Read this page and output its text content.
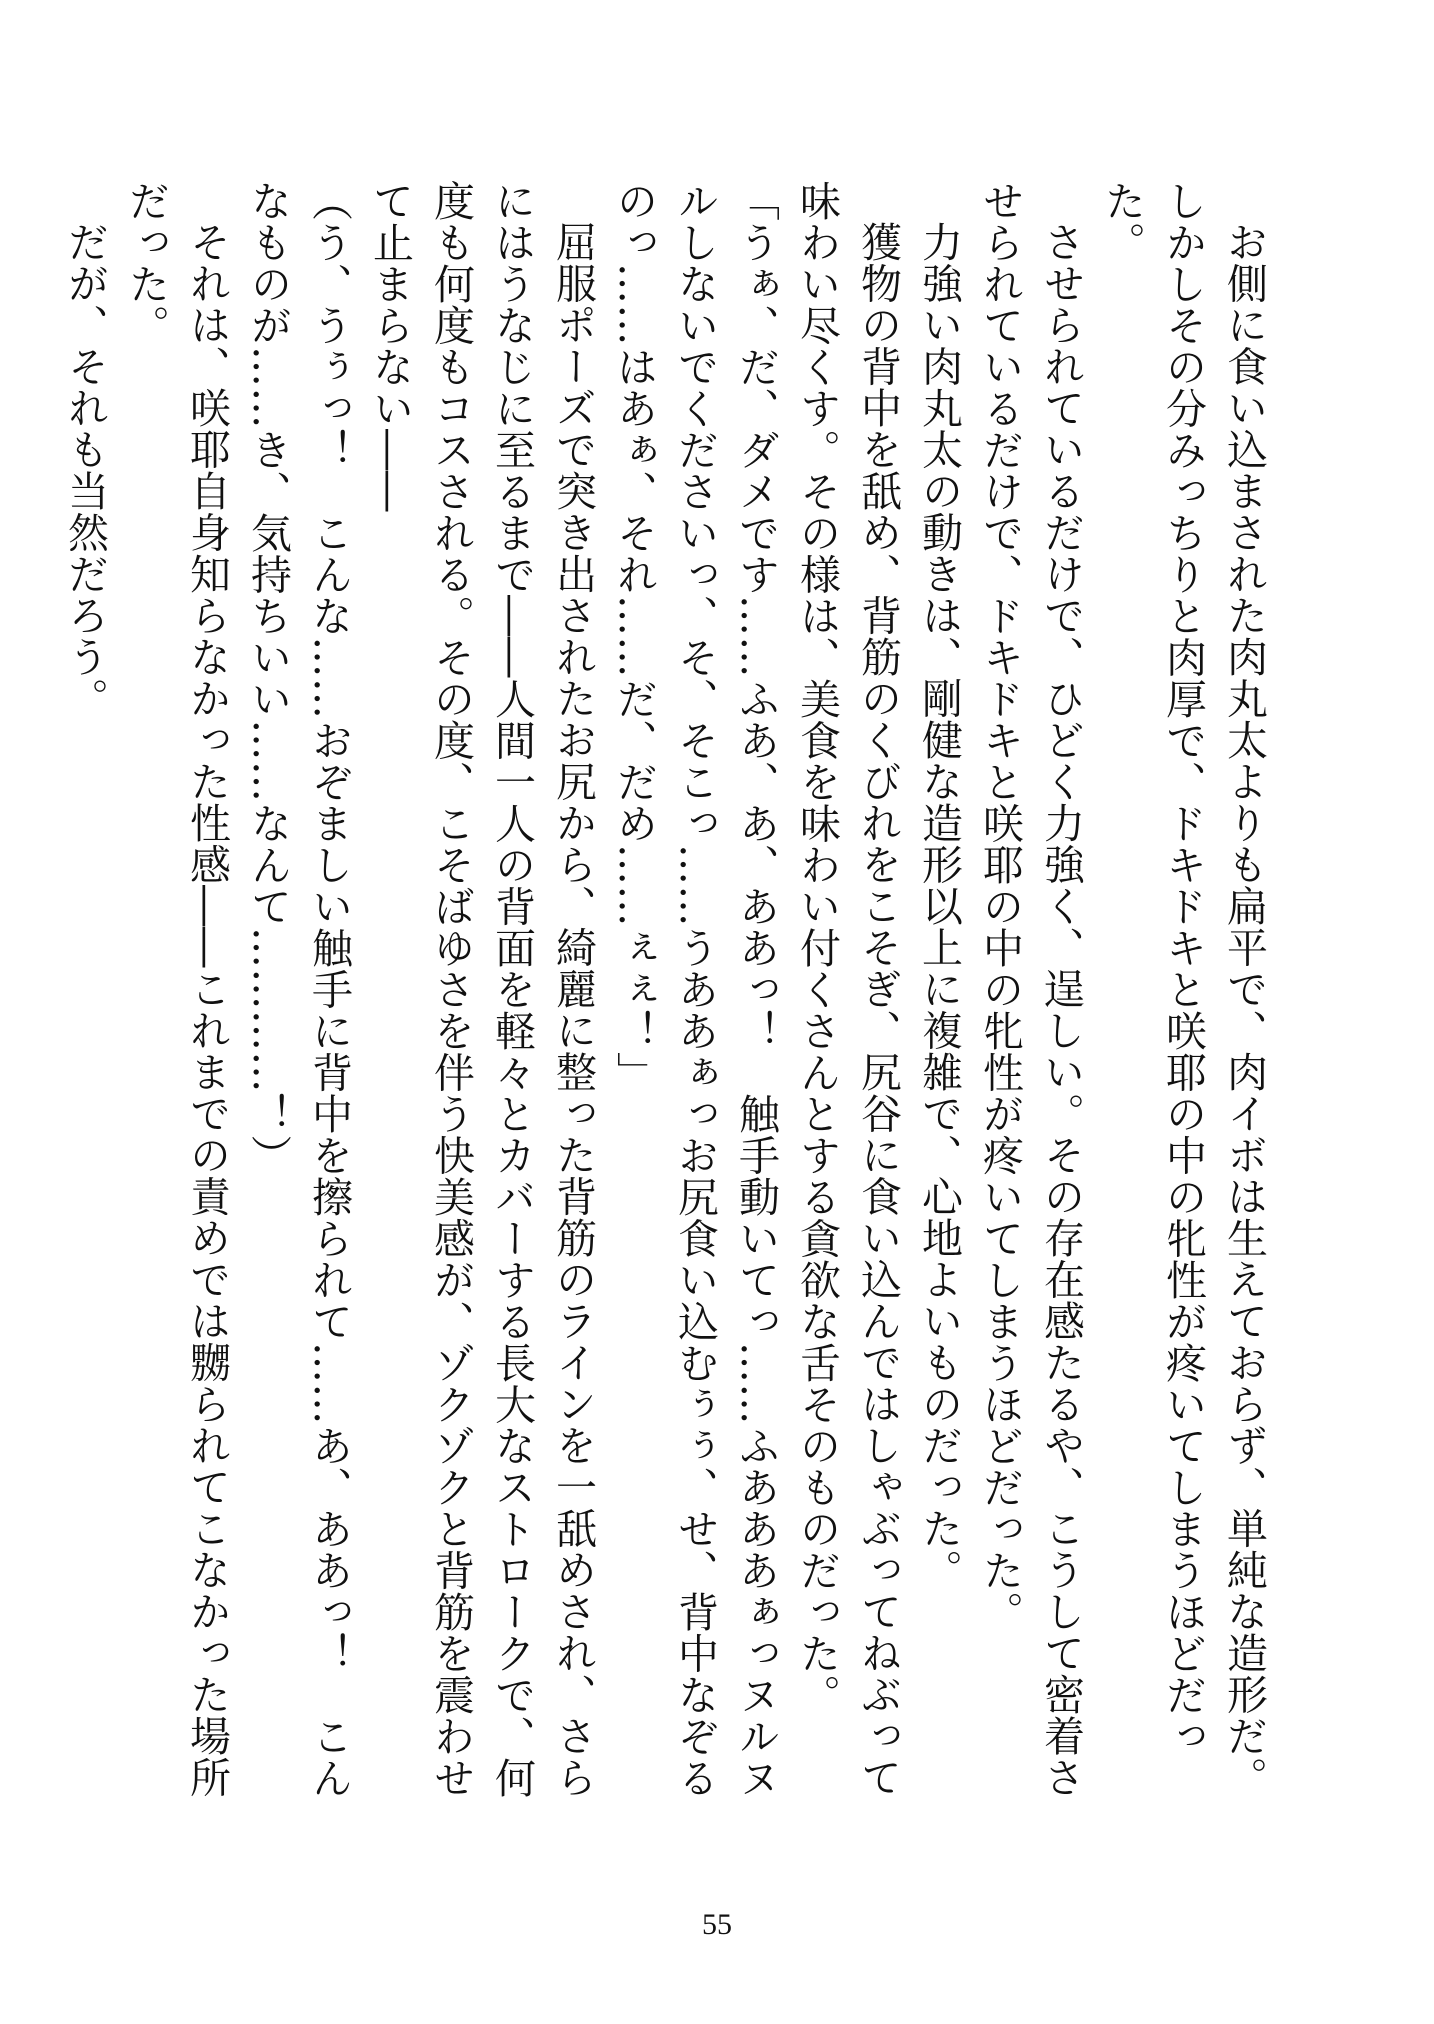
お側に食い込まされた肉丸太よりも扁平で、肉イボは生えておらず、単純な造形だ。しかしその分みっちりと肉厚で、ドキドキと咲耶の中の牝性が疼いてしまうほどだった。

させられているだけで、ひどく力強く、逞しい。その存在感たるや、こうして密着させられているだけで、ドキドキと咲耶の中の牝性が疼いてしまうほどだった。

力強い肉丸太の動きは、剛健な造形以上に複雑で、心地よいものだった。

獲物の背中を舐め、背筋のくびれをこそぎ、尻谷に食い込んではしゃぶってねぶって味わい尽くす。その様は、美食を味わい付くさんとする貪欲な舌そのものだった。

「うぁ、だ、ダメです……ふあ、あ、ああっ！　触手動いてっ……ふあああぁっヌルヌルしないでくださいっ、そ、そこっ……うああぁっお尻食い込むぅぅ、せ、背中なぞるのっ……はあぁ、それ……だ、だめ……ぇぇ！」

屈服ポーズで突き出されたお尻から、綺麗に整った背筋のラインを一舐めされ、さらにはうなじに至るまで――人間一人の背面を軽々とカバーする長大なストロークで、何度も何度もコスされる。その度、こそばゆさを伴う快美感が、ゾクゾクと背筋を震わせて止まらない――

（う、うぅっ！　こんな……おぞましい触手に背中を擦られて……あ、ああっ！　こんなものが……き、気持ちいい……なんて…………！）

それは、咲耶自身知らなかった性感――これまでの責めでは嬲られてこなかった場所だった。

だが、それも当然だろう。

55
